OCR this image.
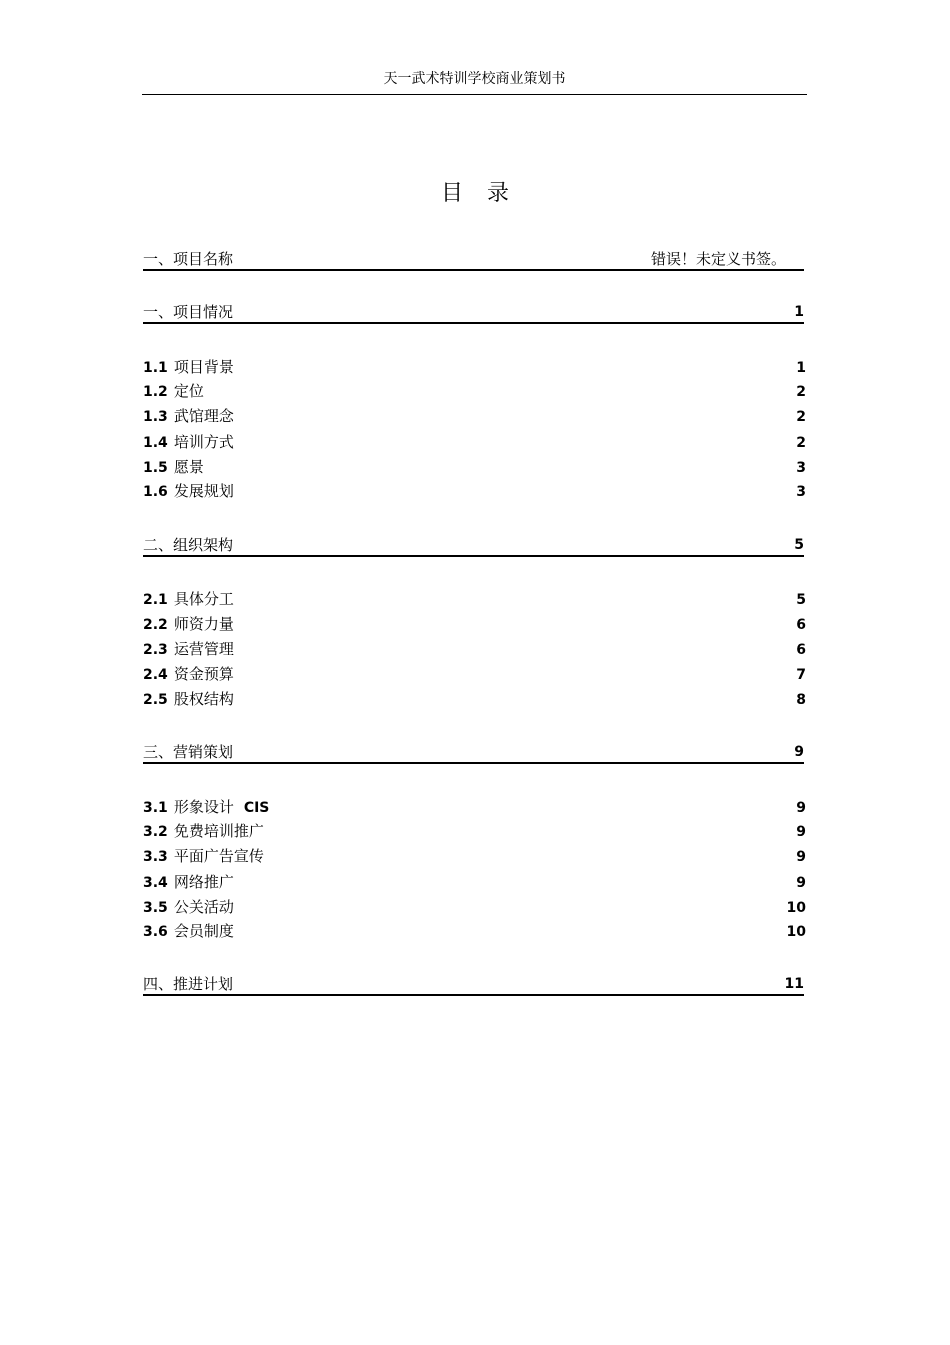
天一武术特训学校商业策划书
目录
一、项目名称	错误！未定义书签。
一、项目情况	1
1.1 项目背景	1
1.2 定位	2
1.3 武馆理念	2
1.4 培训方式	2
1.5 愿景	3
1.6 发展规划	3
二、组织架构	5
2.1 具体分工	5
2.2 师资力量	6
2.3 运营管理	6
2.4 资金预算	7
2.5 股权结构	8
三、营销策划	9
3.1 形象设计 CIS	9
3.2 免费培训推广	9
3.3 平面广告宣传	9
3.4 网络推广	9
3.5 公关活动	10
3.6 会员制度	10
四、推进计划	11
